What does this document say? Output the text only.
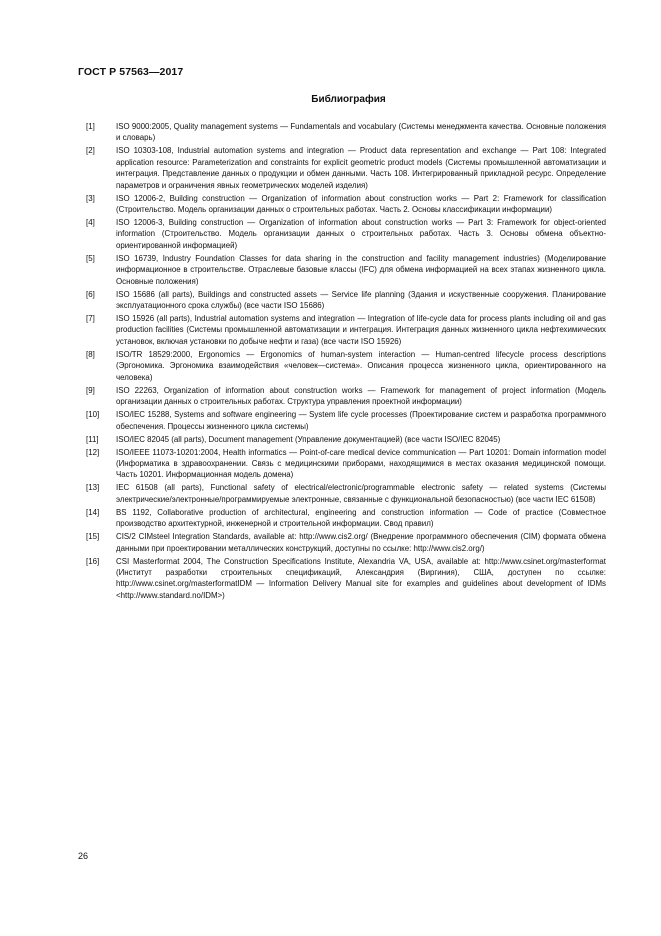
ГОСТ Р 57563—2017
Библиография
[1]	ISO 9000:2005, Quality management systems — Fundamentals and vocabulary (Системы менеджмента качества. Основные положения и словарь)
[2]	ISO 10303-108, Industrial automation systems and integration — Product data representation and exchange — Part 108: Integrated application resource: Parameterization and constraints for explicit geometric product models (Системы промышленной автоматизации и интеграция. Представление данных о продукции и обмен данными. Часть 108. Интегрированный прикладной ресурс. Определение параметров и ограничения явных геометрических моделей изделия)
[3]	ISO 12006-2, Building construction — Organization of information about construction works — Part 2: Framework for classification (Строительство. Модель организации данных о строительных работах. Часть 2. Основы классификации информации)
[4]	ISO 12006-3, Building construction — Organization of information about construction works — Part 3: Framework for object-oriented information (Строительство. Модель организации данных о строительных работах. Часть 3. Основы обмена объектно-ориентированной информацией)
[5]	ISO 16739, Industry Foundation Classes for data sharing in the construction and facility management industries) (Моделирование информационное в строительстве. Отраслевые базовые классы (IFC) для обмена информацией на всех этапах жизненного цикла. Основные положения)
[6]	ISO 15686 (all parts), Buildings and constructed assets — Service life planning (Здания и искуственные сооружения. Планирование эксплуатационного срока службы) (все части ISO 15686)
[7]	ISO 15926 (all parts), Industrial automation systems and integration — Integration of life-cycle data for process plants including oil and gas production facilities (Системы промышленной автоматизации и интеграция. Интеграция данных жизненного цикла нефтехимических установок, включая установки по добыче нефти и газа) (все части ISO 15926)
[8]	ISO/TR 18529:2000, Ergonomics — Ergonomics of human-system interaction — Human-centred lifecycle process descriptions (Эргономика. Эргономика взаимодействия «человек—система». Описания процесса жизненного цикла, ориентированного на человека)
[9]	ISO 22263, Organization of information about construction works — Framework for management of project information (Модель организации данных о строительных работах. Структура управления проектной информации)
[10] ISO/IEC 15288, Systems and software engineering — System life cycle processes (Проектирование систем и разработка программного обеспечения. Процессы жизненного цикла системы)
[11] ISO/IEC 82045 (all parts), Document management (Управление документацией) (все части ISO/IEC 82045)
[12] ISO/IEEE 11073-10201:2004, Health informatics — Point-of-care medical device communication — Part 10201: Domain information model (Информатика в здравоохранении. Связь с медицинскими приборами, находящимися в местах оказания медицинской помощи. Часть 10201. Информационная модель домена)
[13] IEC 61508 (all parts), Functional safety of electrical/electronic/programmable electronic safety — related systems (Системы электрические/электронные/программируемые электронные, связанные с функциональной безопасностью) (все части IEC 61508)
[14] BS 1192, Collaborative production of architectural, engineering and construction information — Code of practice (Совместное производство архитектурной, инженерной и строительной информации. Свод правил)
[15] CIS/2 CIMsteel Integration Standards, available at: http://www.cis2.org/ (Внедрение программного обеспечения (CIM) формата обмена данными при проектировании металлических конструкций, доступны по ссылке: http://www.cis2.org/)
[16] CSI Masterformat 2004, The Construction Specifications Institute, Alexandria VA, USA, available at: http://www.csinet.org/masterformat (Институт разработки строительных спецификаций, Александрия (Виргиния), США, доступен по ссылке: http://www.csinet.org/masterformatIDM — Information Delivery Manual site for examples and guidelines about development of IDMs <http://www.standard.no/IDM>)
26
